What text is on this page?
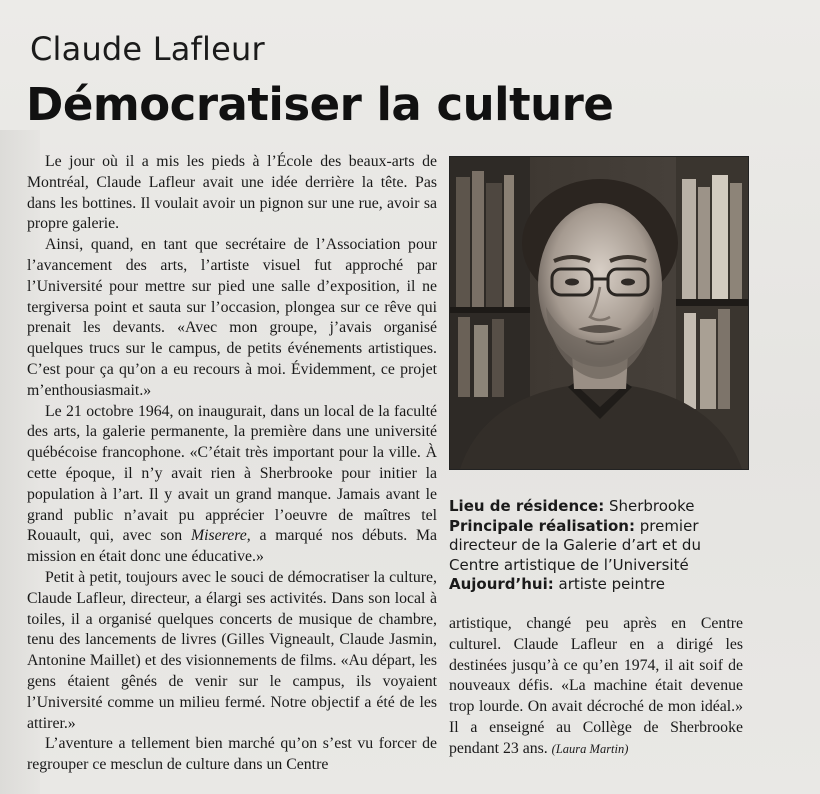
Claude Lafleur
Démocratiser la culture

Le jour où il a mis les pieds à l’École des beaux-arts de Montréal, Claude Lafleur avait une idée derrière la tête. Pas dans les bottines. Il voulait avoir un pignon sur une rue, avoir sa propre galerie.

Ainsi, quand, en tant que secrétaire de l’Association pour l’avancement des arts, l’artiste visuel fut approché par l’Université pour mettre sur pied une salle d’exposition, il ne tergiversa point et sauta sur l’occasion, plongea sur ce rêve qui prenait les devants. «Avec mon groupe, j’avais organisé quelques trucs sur le campus, de petits événements artistiques. C’est pour ça qu’on a eu recours à moi. Évidemment, ce projet m’enthousiasmait.»

Le 21 octobre 1964, on inaugurait, dans un local de la faculté des arts, la galerie permanente, la première dans une université québécoise francophone. «C’était très important pour la ville. À cette époque, il n’y avait rien à Sherbrooke pour initier la population à l’art. Il y avait un grand manque. Jamais avant le grand public n’avait pu apprécier l’oeuvre de maîtres tel Rouault, qui, avec son Miserere, a marqué nos débuts. Ma mission en était donc une éducative.»

Petit à petit, toujours avec le souci de démocratiser la culture, Claude Lafleur, directeur, a élargi ses activités. Dans son local à toiles, il a organisé quelques concerts de musique de chambre, tenu des lancements de livres (Gilles Vigneault, Claude Jasmin, Antonine Maillet) et des visionnements de films. «Au départ, les gens étaient gênés de venir sur le campus, ils voyaient l’Université comme un milieu fermé. Notre objectif a été de les attirer.»

L’aventure a tellement bien marché qu’on s’est vu forcer de regrouper ce mesclun de culture dans un Centre

Lieu de résidence: Sherbrooke
Principale réalisation: premier directeur de la Galerie d’art et du Centre artistique de l’Université
Aujourd’hui: artiste peintre

artistique, changé peu après en Centre culturel. Claude Lafleur en a dirigé les destinées jusqu’à ce qu’en 1974, il ait soif de nouveaux défis. «La machine était devenue trop lourde. On avait décroché de mon idéal.» Il a enseigné au Collège de Sherbrooke pendant 23 ans. (Laura Martin)
